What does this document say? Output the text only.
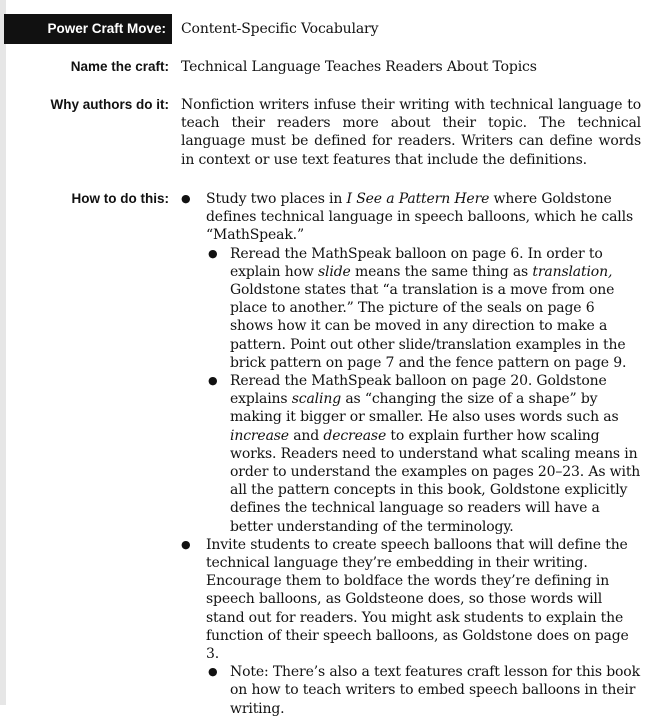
Power Craft Move:	Content-Specific Vocabulary
Name the craft: Technical Language Teaches Readers About Topics
Why authors do it: Nonfiction writers infuse their writing with technical language to teach their readers more about their topic. The technical language must be defined for readers. Writers can define words in context or use text features that include the definitions.
How to do this: ● Study two places in I See a Pattern Here where Goldstone defines technical language in speech balloons, which he calls “MathSpeak.”
● Reread the MathSpeak balloon on page 6. In order to explain how slide means the same thing as translation, Goldstone states that “a translation is a move from one place to another.” The picture of the seals on page 6 shows how it can be moved in any direction to make a pattern. Point out other slide/translation examples in the brick pattern on page 7 and the fence pattern on page 9.
● Reread the MathSpeak balloon on page 20. Goldstone explains scaling as “changing the size of a shape” by making it bigger or smaller. He also uses words such as increase and decrease to explain further how scaling works. Readers need to understand what scaling means in order to understand the examples on pages 20–23. As with all the pattern concepts in this book, Goldstone explicitly defines the technical language so readers will have a better understanding of the terminology.
● Invite students to create speech balloons that will define the technical language they’re embedding in their writing. Encourage them to boldface the words they’re defining in speech balloons, as Goldsteone does, so those words will stand out for readers. You might ask students to explain the function of their speech balloons, as Goldstone does on page 3.
● Note: There’s also a text features craft lesson for this book on how to teach writers to embed speech balloons in their writing.
